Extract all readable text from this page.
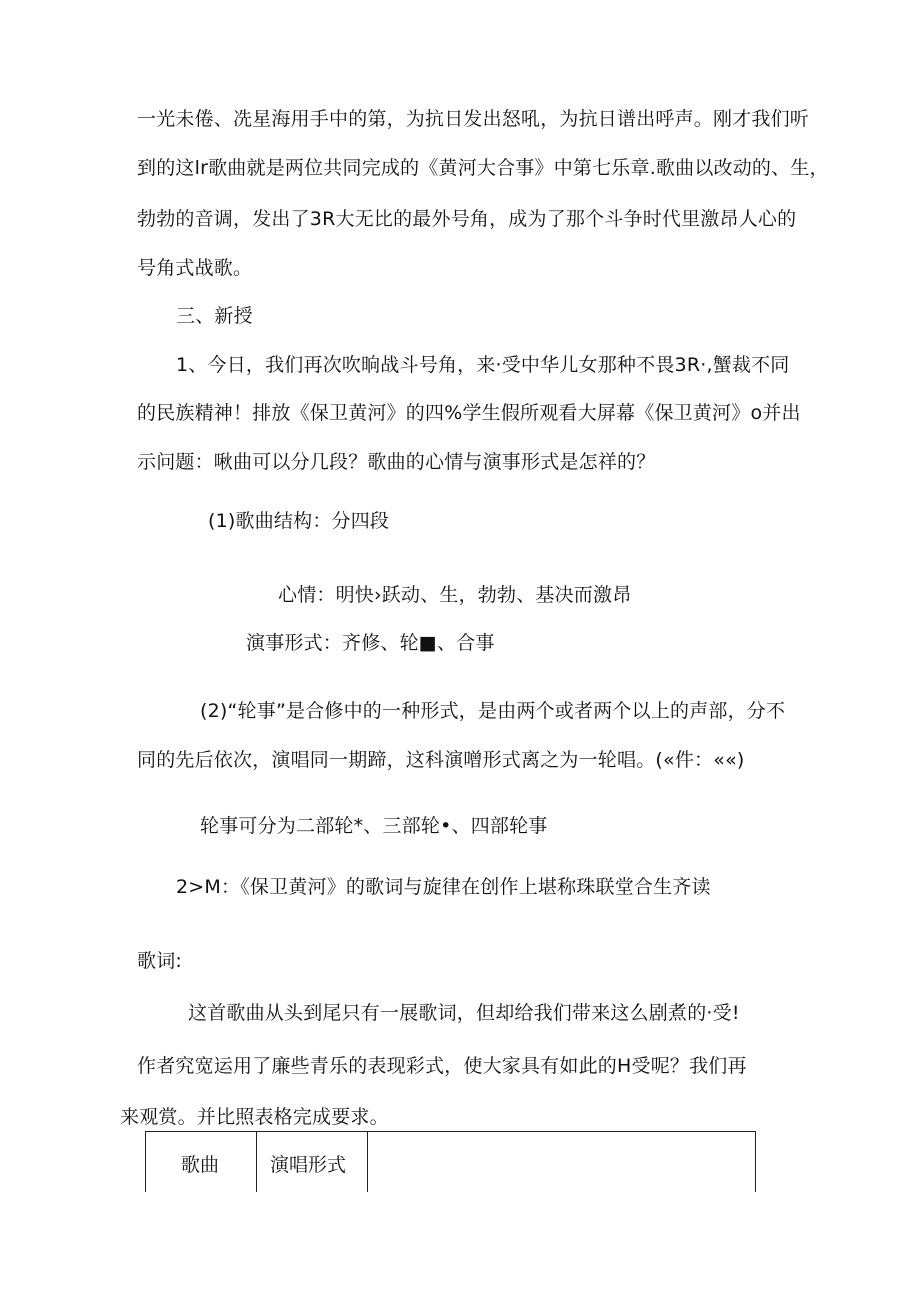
一光未倦、冼星海用手中的第，为抗日发出怒吼，为抗日谱出呼声。刚才我们听
到的这lr歌曲就是两位共同完成的《黄河大合事》中第七乐章.歌曲以改动的、生，
勃勃的音调，发出了3R大无比的最外号角，成为了那个斗争时代里激昂人心的
号角式战歌。
三、新授
1、今日，我们再次吹晌战斗号角，来·受中华儿女那种不畏3R·,蟹裁不同
的民族精神！排放《保卫黄河》的四%学生假所观看大屏幕《保卫黄河》o并出
示问题：啾曲可以分几段？歌曲的心情与演事形式是怎祥的？
(1)歌曲结构：分四段
心情：明快›跃动、生，勃勃、基决而激昂
演事形式：齐修、轮■、合事
(2)“轮事”是合修中的一种形式，是由两个或者两个以上的声部，分不
同的先后依次，演唱同一期蹄，这科演噌形式离之为一轮唱。(«件：««)
轮事可分为二部轮*、三部轮•、四部轮事
2>M：《保卫黄河》的歌词与旋律在创作上堪称珠联堂合生齐读
歌词:
这首歌曲从头到尾只有一展歌词，但却给我们带来这么剧煮的·受!
作者究宽运用了廉些青乐的表现彩式，使大家具有如此的H受呢？我们再
来观赏。并比照表格完成要求。
歌曲	演唱形式
